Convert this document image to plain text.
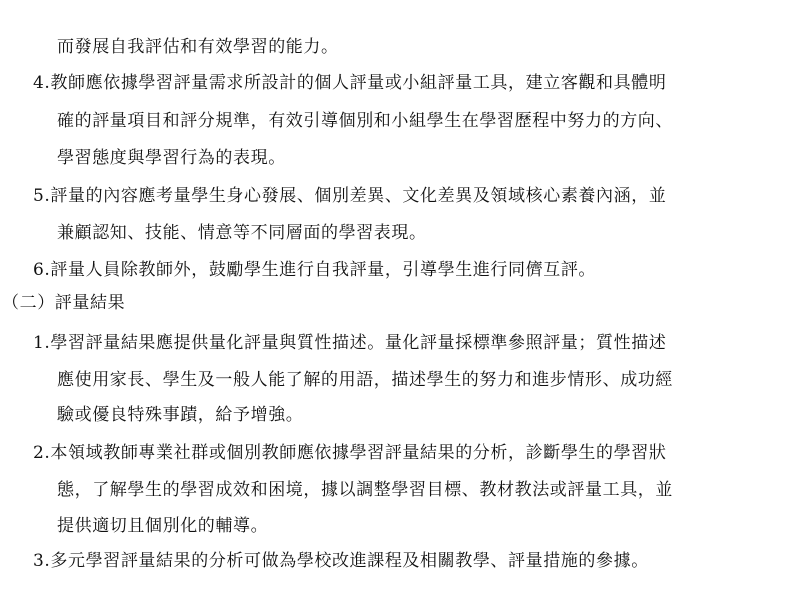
而發展自我評估和有效學習的能力。
4.教師應依據學習評量需求所設計的個人評量或小組評量工具，建立客觀和具體明
確的評量項目和評分規準，有效引導個別和小組學生在學習歷程中努力的方向、
學習態度與學習行為的表現。
5.評量的內容應考量學生身心發展、個別差異、文化差異及領域核心素養內涵，並
兼顧認知、技能、情意等不同層面的學習表現。
6.評量人員除教師外，鼓勵學生進行自我評量，引導學生進行同儕互評。
（二）評量結果
1.學習評量結果應提供量化評量與質性描述。量化評量採標準參照評量；質性描述
應使用家長、學生及一般人能了解的用語，描述學生的努力和進步情形、成功經
驗或優良特殊事蹟，給予增強。
2.本領域教師專業社群或個別教師應依據學習評量結果的分析，診斷學生的學習狀
態，了解學生的學習成效和困境，據以調整學習目標、教材教法或評量工具，並
提供適切且個別化的輔導。
3.多元學習評量結果的分析可做為學校改進課程及相關教學、評量措施的參據。
